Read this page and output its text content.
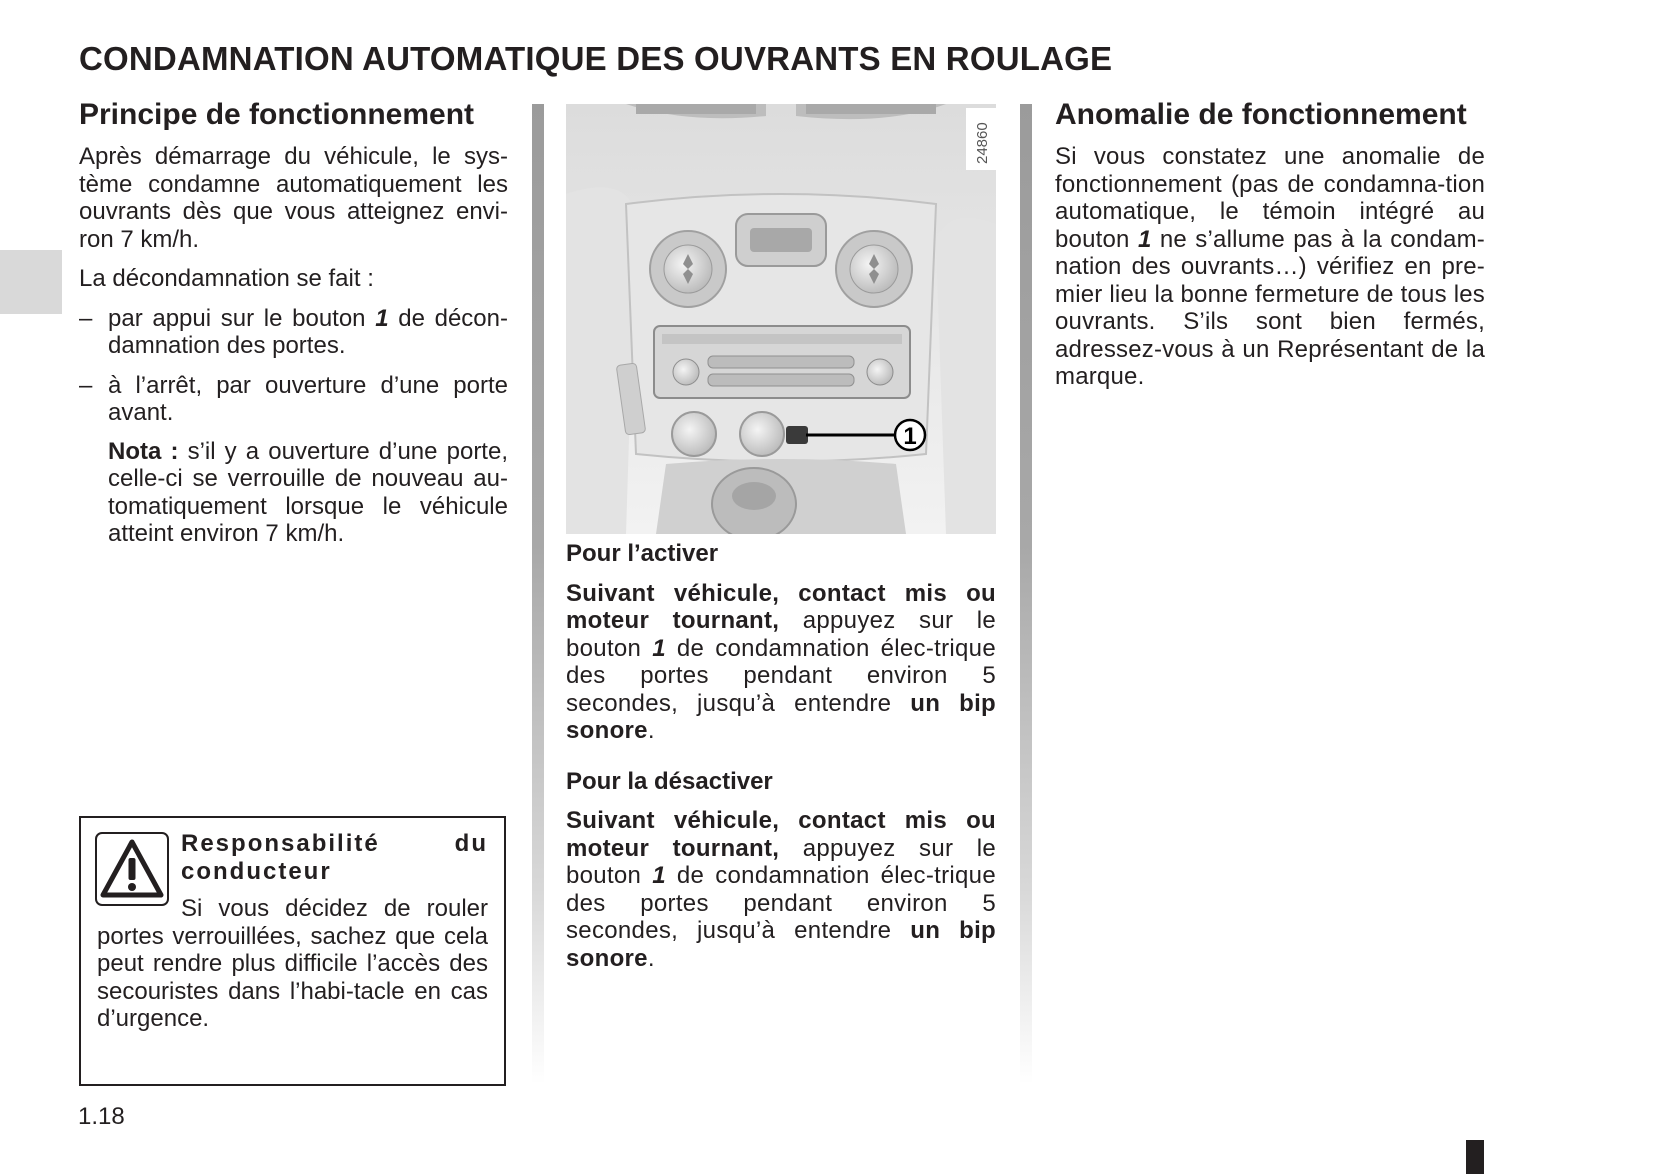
CONDAMNATION AUTOMATIQUE DES OUVRANTS EN ROULAGE
Principe de fonctionnement

Après démarrage du véhicule, le sys-tème condamne automatiquement les ouvrants dès que vous atteignez envi-ron 7 km/h.

La décondamnation se fait :

– par appui sur le bouton 1 de décon-damnation des portes.

– à l’arrêt, par ouverture d’une porte avant.

Nota : s’il y a ouverture d’une porte, celle-ci se verrouille de nouveau au-tomatiquement lorsque le véhicule atteint environ 7 km/h.

Responsabilité du conducteur
Si vous décidez de rouler portes verrouillées, sachez que cela peut rendre plus difficile l’accès des secouristes dans l’habi-tacle en cas d’urgence.
1
24860

Pour l’activer

Suivant véhicule, contact mis ou moteur tournant, appuyez sur le bouton 1 de condamnation élec-trique des portes pendant environ 5 secondes, jusqu’à entendre un bip sonore.

Pour la désactiver

Suivant véhicule, contact mis ou moteur tournant, appuyez sur le bouton 1 de condamnation élec-trique des portes pendant environ 5 secondes, jusqu’à entendre un bip sonore.

Anomalie de fonctionnement

Si vous constatez une anomalie de fonctionnement (pas de condamna-tion automatique, le témoin intégré au bouton 1 ne s’allume pas à la condam-nation des ouvrants…) vérifiez en pre-mier lieu la bonne fermeture de tous les ouvrants. S’ils sont bien fermés, adressez-vous à un Représentant de la marque.

1.18
